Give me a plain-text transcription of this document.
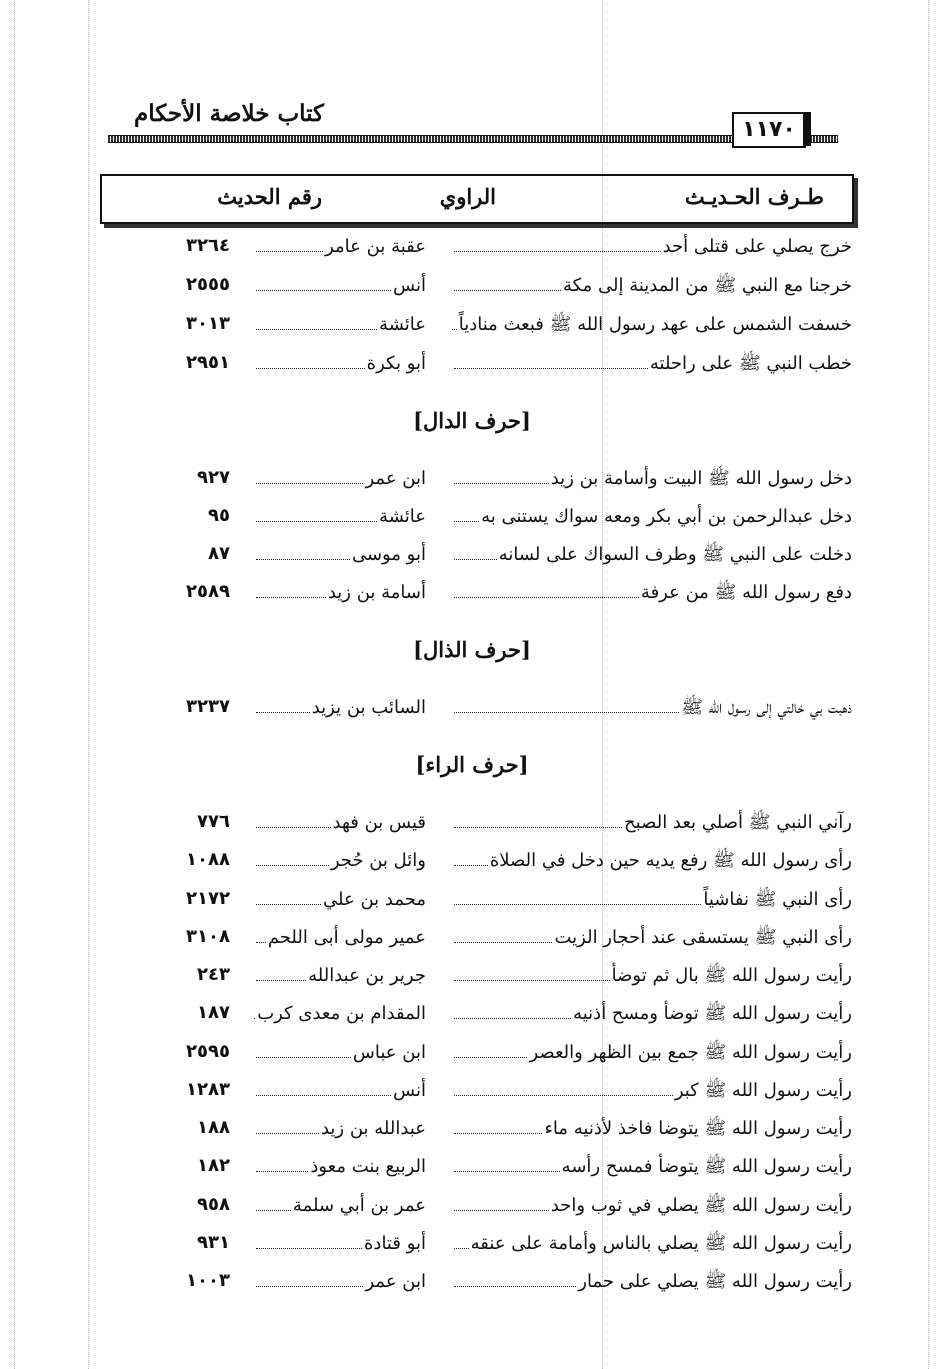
كتاب خلاصة الأحكام
١١٧٠
طـرف الحـديـث
الراوي
رقم الحديث
خرج يصلي على قتلى أحد
عقبة بن عامر
٣٢٦٤
خرجنا مع النبي ﷺ من المدينة إلى مكة
أنس
٢٥٥٥
خسفت الشمس على عهد رسول الله ﷺ فبعث منادياً
عائشة
٣٠١٣
خطب النبي ﷺ على راحلته
أبو بكرة
٢٩٥١
[حرف الدال]
دخل رسول الله ﷺ البيت وأسامة بن زيد
ابن عمر
٩٢٧
دخل عبدالرحمن بن أبي بكر ومعه سواك يستنى به
عائشة
٩٥
دخلت على النبي ﷺ وطرف السواك على لسانه
أبو موسى
٨٧
دفع رسول الله ﷺ من عرفة
أسامة بن زيد
٢٥٨٩
[حرف الذال]
ذهبت بي خالتي إلى رسول الله ﷺ
السائب بن يزيد
٣٢٣٧
[حرف الراء]
رآني النبي ﷺ أصلي بعد الصبح
قيس بن فهد
٧٧٦
رأى رسول الله ﷺ رفع يديه حين دخل في الصلاة
وائل بن حُجر
١٠٨٨
رأى النبي ﷺ نفاشياً
محمد بن علي
٢١٧٢
رأى النبي ﷺ يستسقى عند أحجار الزيت
عمير مولى أبى اللحم
٣١٠٨
رأيت رسول الله ﷺ بال ثم توضأ
جرير بن عبدالله
٢٤٣
رأيت رسول الله ﷺ توضأ ومسح أذنيه
المقدام بن معدى كرب
١٨٧
رأيت رسول الله ﷺ جمع بين الظهر والعصر
ابن عباس
٢٥٩٥
رأيت رسول الله ﷺ كبر
أنس
١٢٨٣
رأيت رسول الله ﷺ يتوضا فاخذ لأذنيه ماء
عبدالله بن زيد
١٨٨
رأيت رسول الله ﷺ يتوضأ فمسح رأسه
الربيع بنت معوذ
١٨٢
رأيت رسول الله ﷺ يصلي في ثوب واحد
عمر بن أبي سلمة
٩٥٨
رأيت رسول الله ﷺ يصلي بالناس وأمامة على عنقه
أبو قتادة
٩٣١
رأيت رسول الله ﷺ يصلي على حمار
ابن عمر
١٠٠٣
